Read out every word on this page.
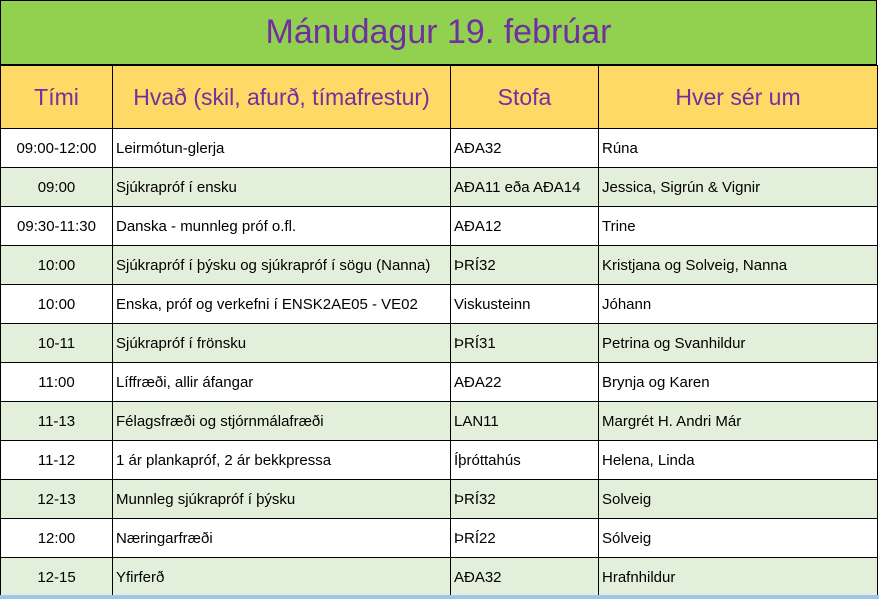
Mánudagur 19. febrúar
Tími	Hvað (skil, afurð, tímafrestur)	Stofa	Hver sér um
09:00-12:00	Leirmótun-glerja	AÐA32	Rúna
09:00	Sjúkrapróf í ensku	AÐA11 eða AÐA14	Jessica, Sigrún & Vignir
09:30-11:30	Danska - munnleg próf o.fl.	AÐA12	Trine
10:00	Sjúkrapróf í þýsku og sjúkrapróf í sögu (Nanna)	ÞRÍ32	Kristjana og Solveig, Nanna
10:00	Enska, próf og verkefni í ENSK2AE05 - VE02	Viskusteinn	Jóhann
10-11	Sjúkrapróf í frönsku	ÞRÍ31	Petrina og Svanhildur
11:00	Líffræði, allir áfangar	AÐA22	Brynja og Karen
11-13	Félagsfræði og stjórnmálafræði	LAN11	Margrét H. Andri Már
11-12	1 ár plankapróf, 2 ár bekkpressa	Íþróttahús	Helena, Linda
12-13	Munnleg sjúkrapróf í þýsku	ÞRÍ32	Solveig
12:00	Næringarfræði	ÞRÍ22	Sólveig
12-15	Yfirferð	AÐA32	Hrafnhildur
